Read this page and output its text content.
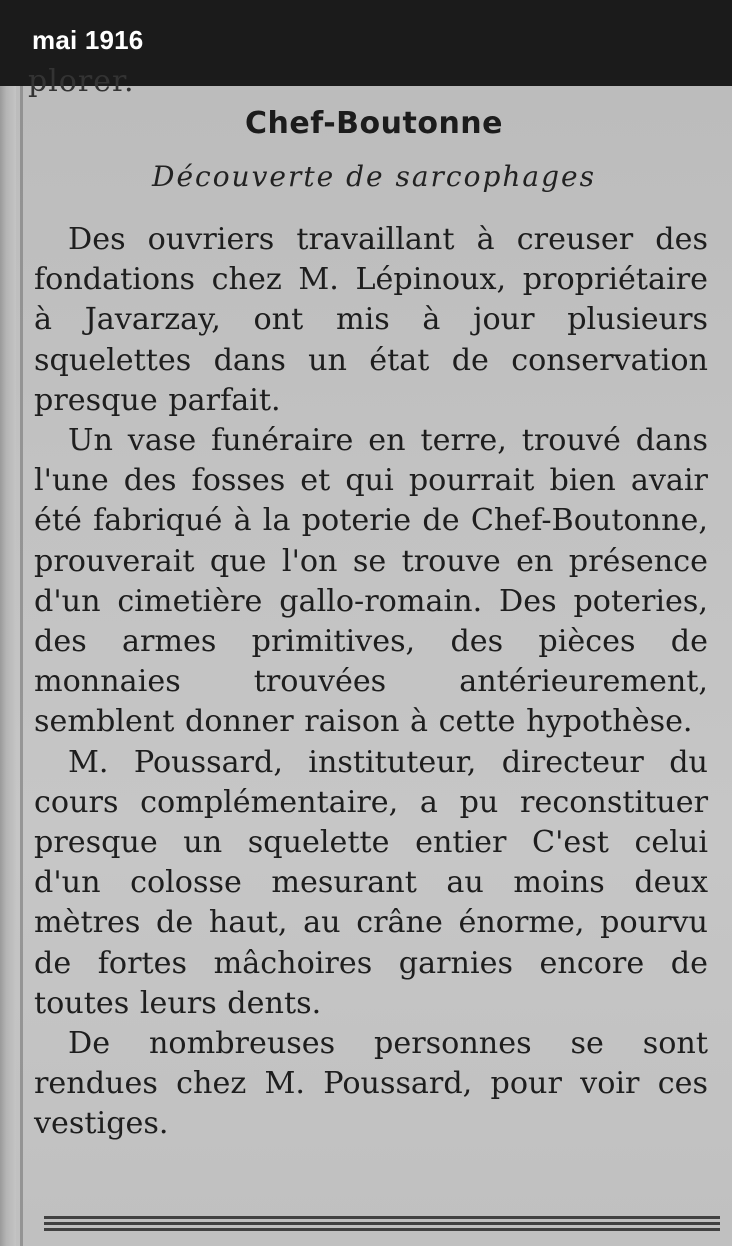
mai 1916
plorer.
Chef-Boutonne
Découverte de sarcophages

Des ouvriers travaillant à creuser des fondations chez M. Lépinoux, propriétaire à Javarzay, ont mis à jour plusieurs squelettes dans un état de conservation presque parfait.

Un vase funéraire en terre, trouvé dans l'une des fosses et qui pourrait bien avair été fabriqué à la poterie de Chef-Boutonne, prouverait que l'on se trouve en présence d'un cimetière gallo-romain. Des poteries, des armes primitives, des pièces de monnaies trouvées antérieurement, semblent donner raison à cette hypothèse.

M. Poussard, instituteur, directeur du cours complémentaire, a pu reconstituer presque un squelette entier C'est celui d'un colosse mesurant au moins deux mètres de haut, au crâne énorme, pourvu de fortes mâchoires garnies encore de toutes leurs dents.

De nombreuses personnes se sont rendues chez M. Poussard, pour voir ces vestiges.
